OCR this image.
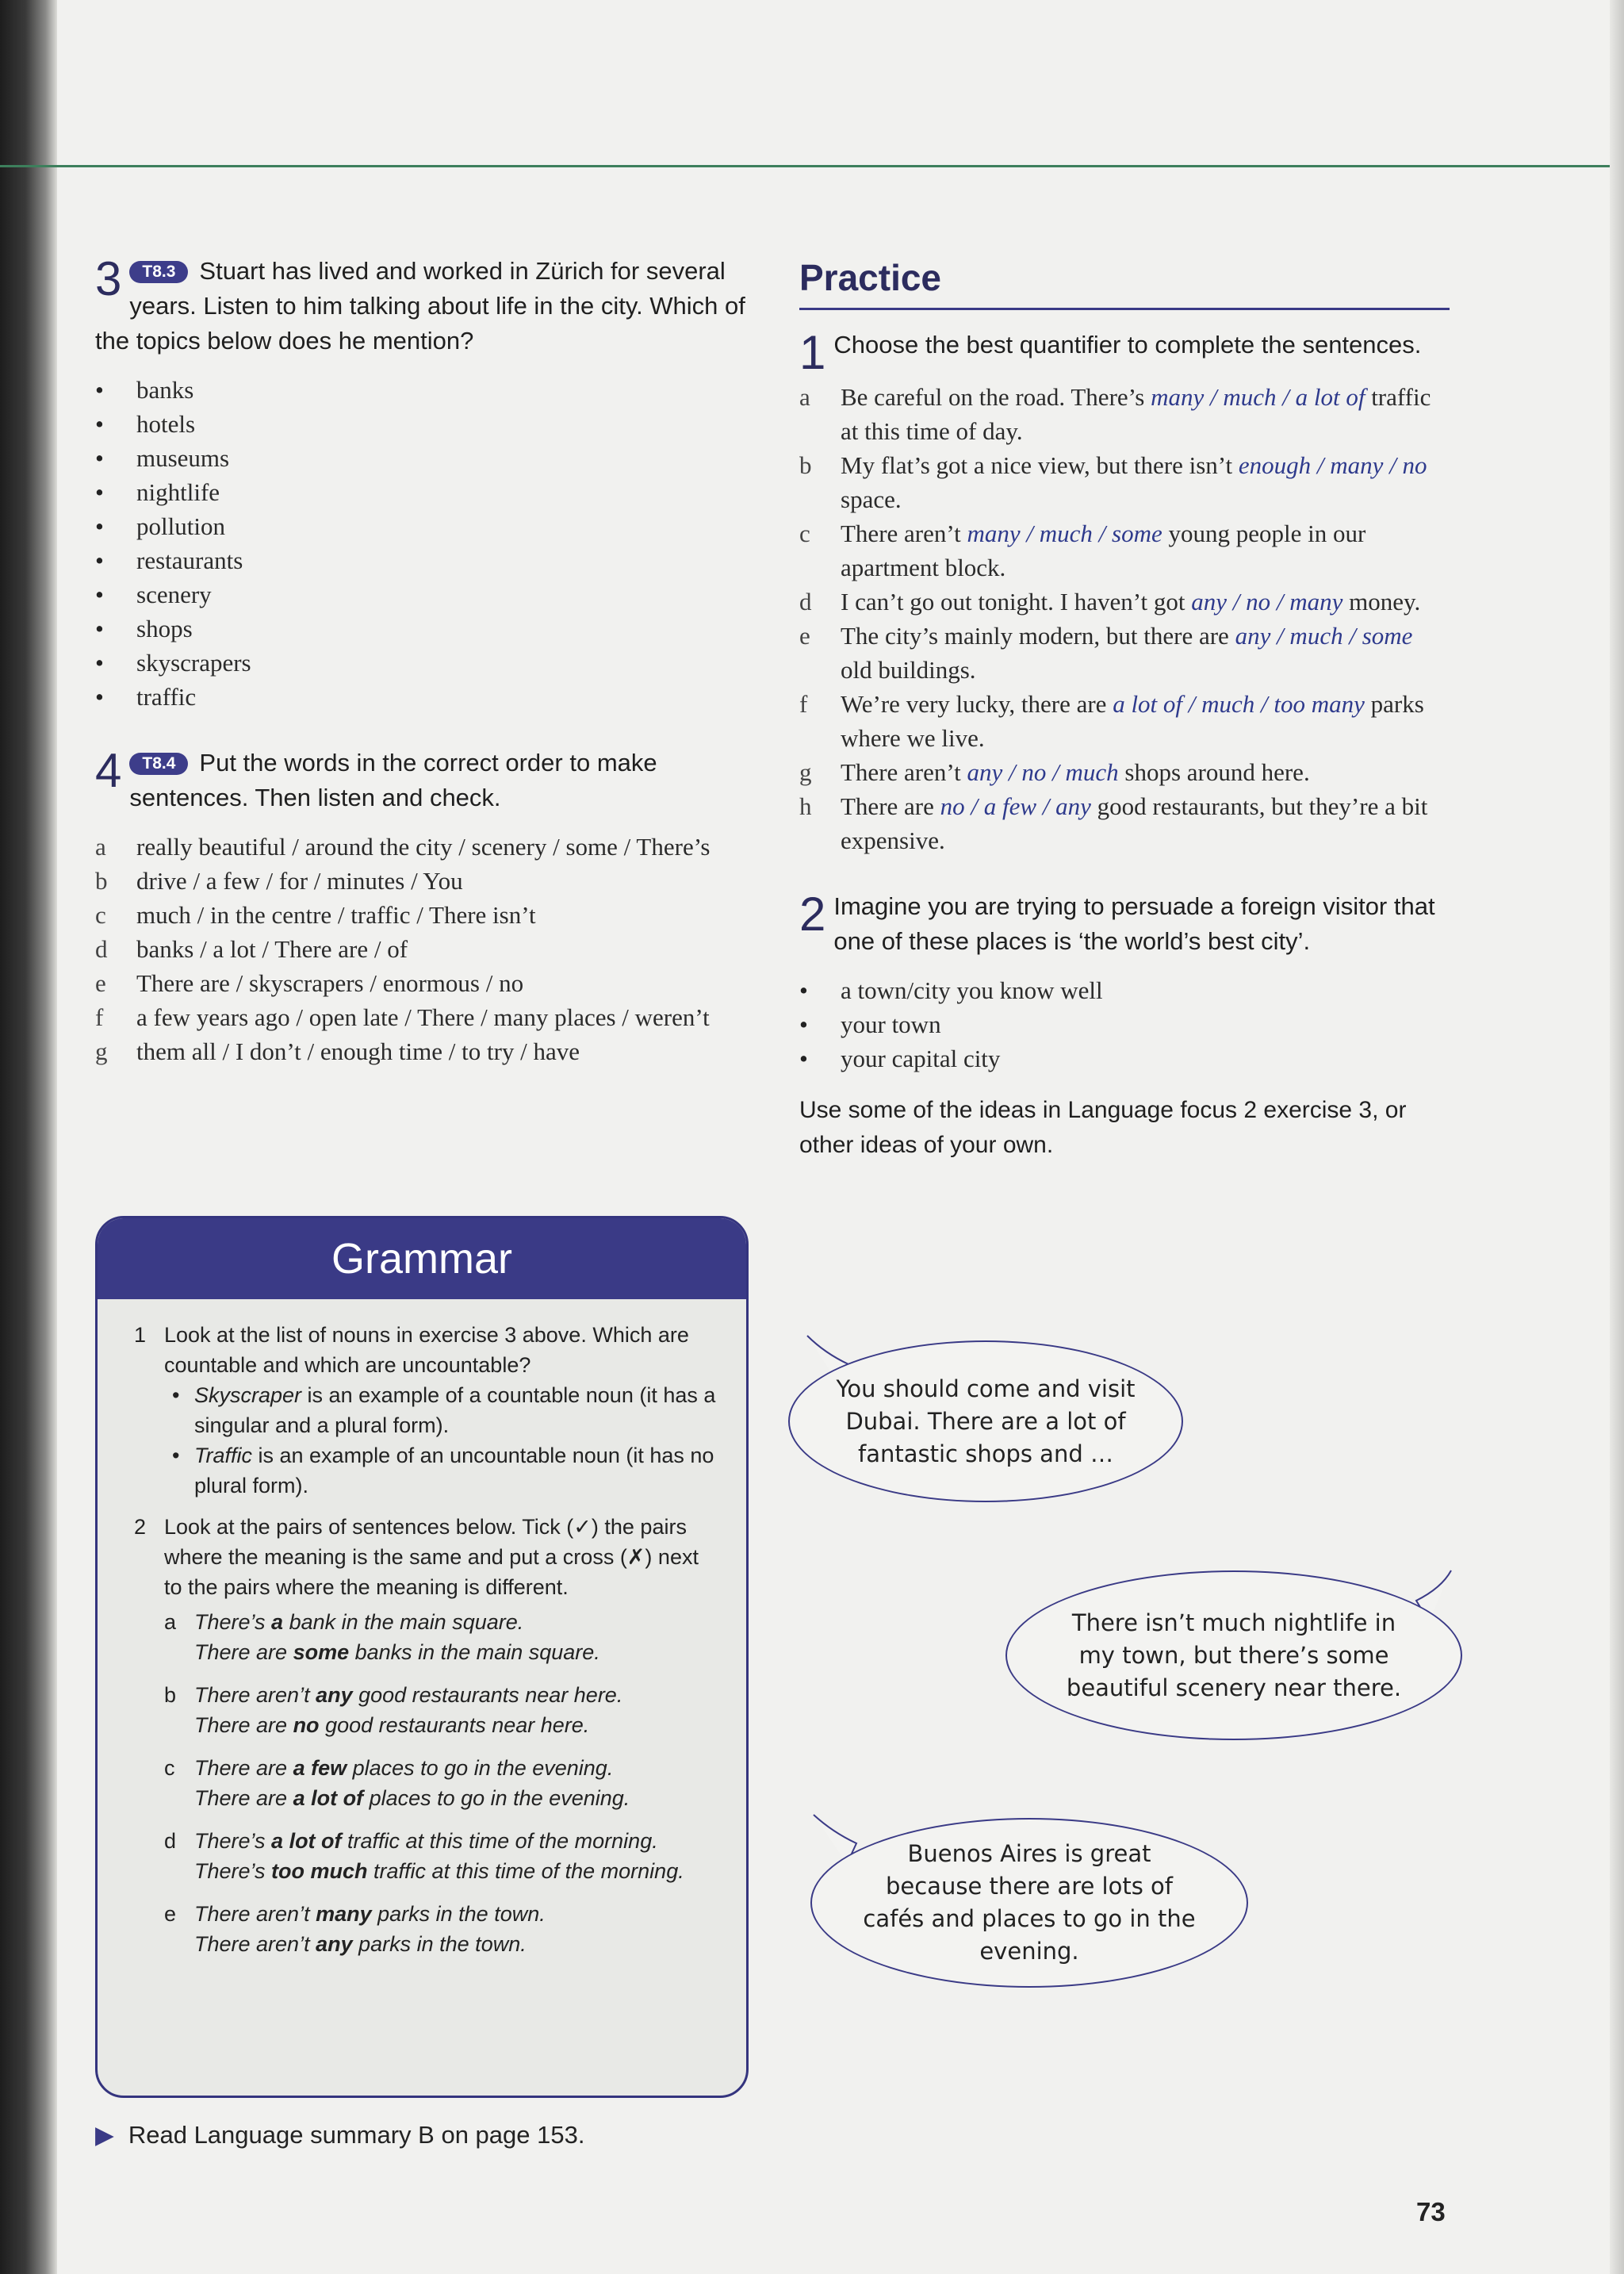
3 T8.3 Stuart has lived and worked in Zürich for several years. Listen to him talking about life in the city. Which of the topics below does he mention?
• banks
• hotels
• museums
• nightlife
• pollution
• restaurants
• scenery
• shops
• skyscrapers
• traffic
4 T8.4 Put the words in the correct order to make sentences. Then listen and check.
a really beautiful / around the city / scenery / some / There’s
b drive / a few / for / minutes / You
c much / in the centre / traffic / There isn’t
d banks / a lot / There are / of
e There are / skyscrapers / enormous / no
f a few years ago / open late / There / many places / weren’t
g them all / I don’t / enough time / to try / have
Grammar
1 Look at the list of nouns in exercise 3 above. Which are countable and which are uncountable?
• Skyscraper is an example of a countable noun (it has a singular and a plural form).
• Traffic is an example of an uncountable noun (it has no plural form).
2 Look at the pairs of sentences below. Tick (✓) the pairs where the meaning is the same and put a cross (✗) next to the pairs where the meaning is different.
a There’s a bank in the main square.
There are some banks in the main square.
b There aren’t any good restaurants near here.
There are no good restaurants near here.
c There are a few places to go in the evening.
There are a lot of places to go in the evening.
d There’s a lot of traffic at this time of the morning.
There’s too much traffic at this time of the morning.
e There aren’t many parks in the town.
There aren’t any parks in the town.
▶ Read Language summary B on page 153.
Practice
1 Choose the best quantifier to complete the sentences.
a Be careful on the road. There’s many / much / a lot of traffic at this time of day.
b My flat’s got a nice view, but there isn’t enough / many / no space.
c There aren’t many / much / some young people in our apartment block.
d I can’t go out tonight. I haven’t got any / no / many money.
e The city’s mainly modern, but there are any / much / some old buildings.
f We’re very lucky, there are a lot of / much / too many parks where we live.
g There aren’t any / no / much shops around here.
h There are no / a few / any good restaurants, but they’re a bit expensive.
2 Imagine you are trying to persuade a foreign visitor that one of these places is ‘the world’s best city’.
• a town/city you know well
• your town
• your capital city
Use some of the ideas in Language focus 2 exercise 3, or other ideas of your own.
You should come and visit Dubai. There are a lot of fantastic shops and …
There isn’t much nightlife in my town, but there’s some beautiful scenery near there.
Buenos Aires is great because there are lots of cafés and places to go in the evening.
73
